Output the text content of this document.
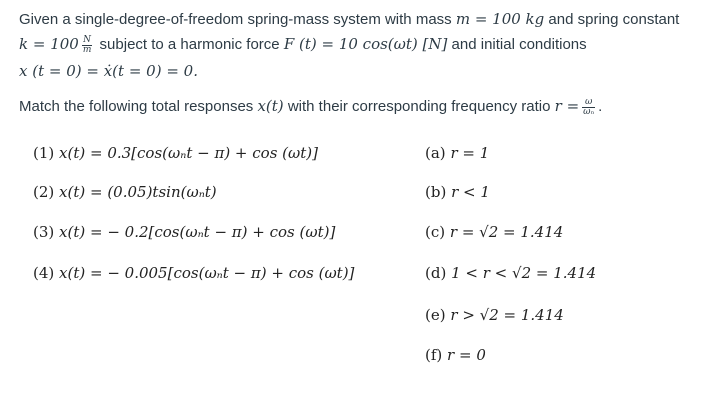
Given a single-degree-of-freedom spring-mass system with mass m = 100 kg and spring constant
$k = 100 \frac{N}{m}$ subject to a harmonic force F (t) = 10 cos(ωt) [N] and initial conditions
x (t = 0) = ẋ(t = 0) = 0.
Match the following total responses x(t) with their corresponding frequency ratio $r = \frac{\omega}{\text{ωₙ}}$ .
(1) x(t) = 0.3[cos(ωₙt − π) + cos (ωt)]
(2) x(t) = (0.05)tsin(ωₙt)
(3) x(t) = − 0.2[cos(ωₙt − π) + cos (ωt)]
(4) x(t) = − 0.005[cos(ωₙt − π) + cos (ωt)]
(a) r = 1
(b) r < 1
(c) r = √2 = 1.414
(d) 1 < r < √2 = 1.414
(e) r > √2 = 1.414
(f) r = 0
